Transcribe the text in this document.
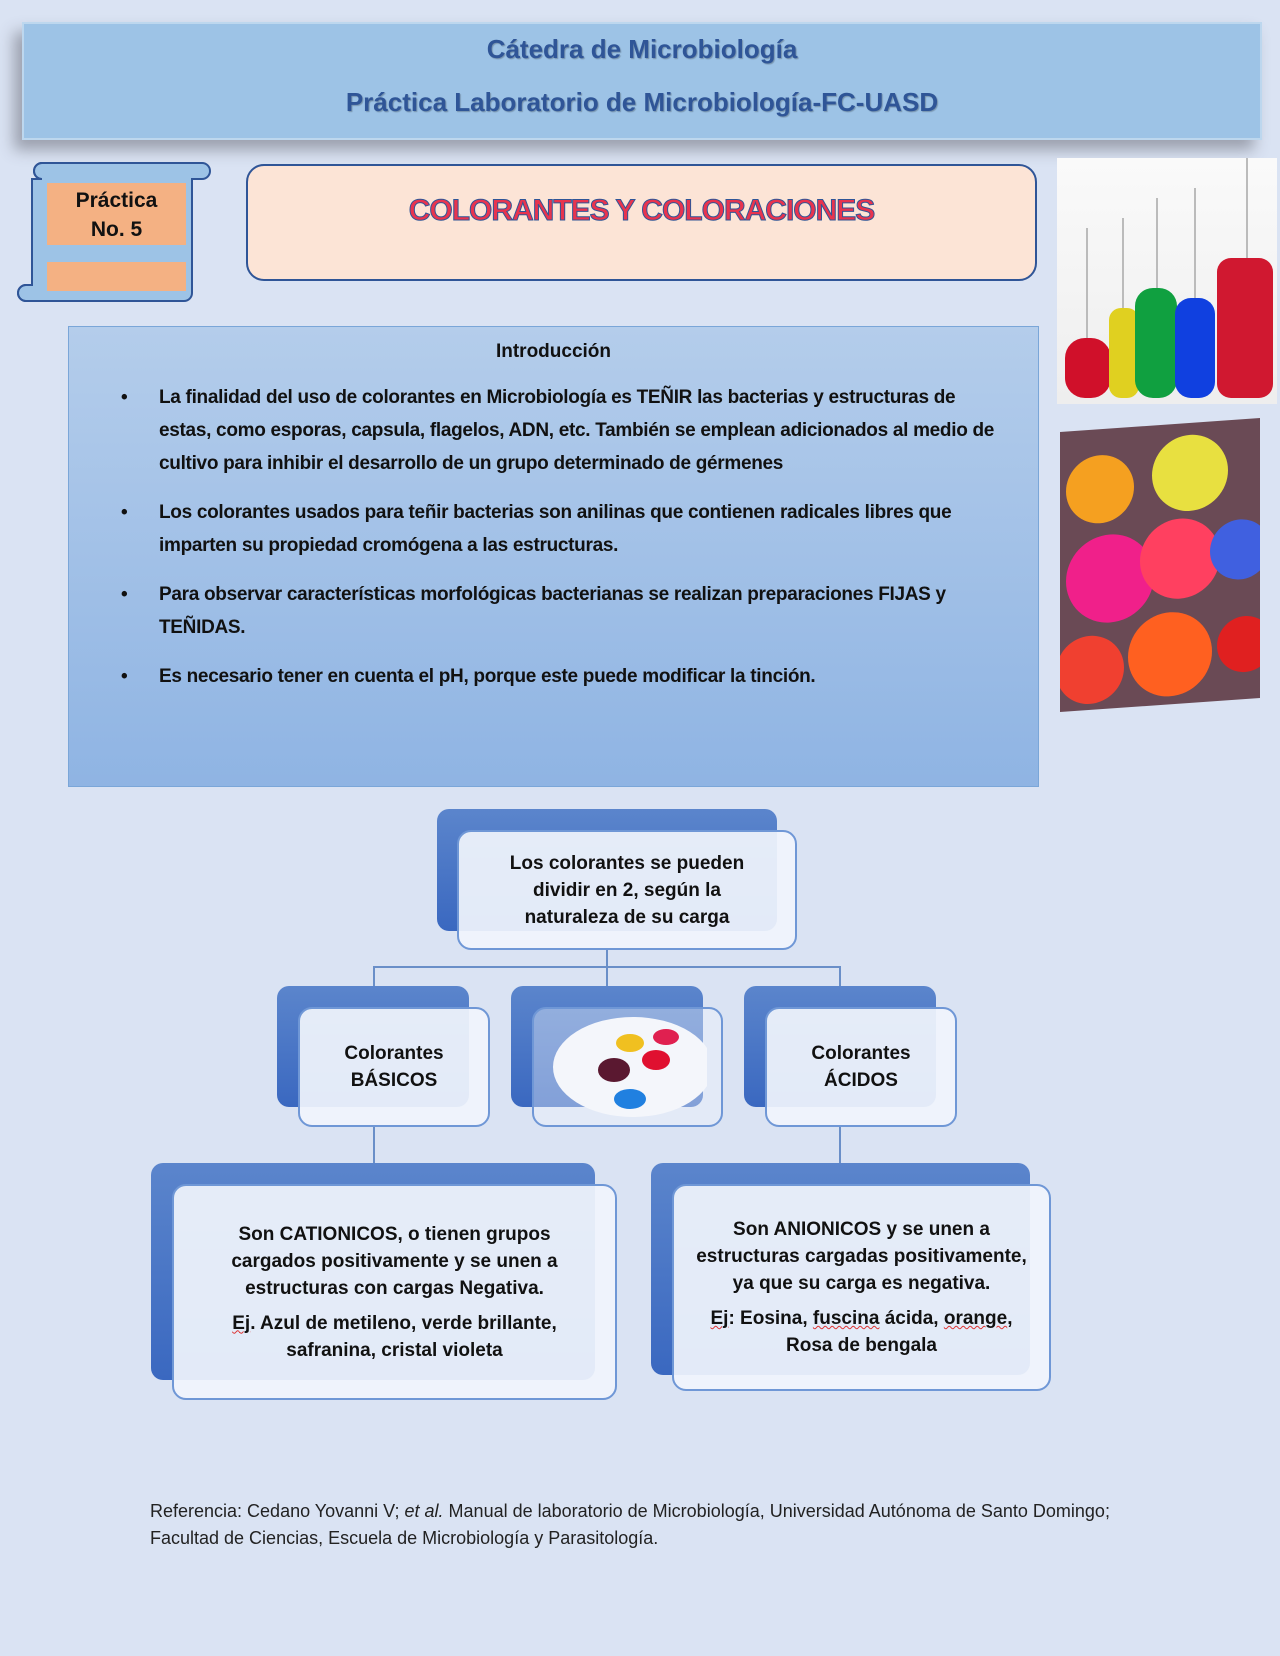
Cátedra de Microbiología
Práctica Laboratorio de Microbiología-FC-UASD
Práctica
No. 5
COLORANTES Y COLORACIONES
Introducción
• La finalidad del uso de colorantes en Microbiología es TEÑIR las bacterias y estructuras de estas, como esporas, capsula, flagelos, ADN, etc. También se emplean adicionados al medio de cultivo para inhibir el desarrollo de un grupo determinado de gérmenes
• Los colorantes usados para teñir bacterias son anilinas que contienen radicales libres que imparten su propiedad cromógena a las estructuras.
• Para observar características morfológicas bacterianas se realizan preparaciones FIJAS y TEÑIDAS.
• Es necesario tener en cuenta el pH, porque este puede modificar la tinción.
Los colorantes se pueden dividir en 2, según la naturaleza de su carga
Colorantes BÁSICOS
Colorantes ÁCIDOS
Son CATIONICOS, o tienen grupos cargados positivamente y se unen a estructuras con cargas Negativa.
Ej. Azul de metileno, verde brillante, safranina, cristal violeta
Son ANIONICOS y se unen a estructuras cargadas positivamente, ya que su carga es negativa.
Ej: Eosina, fuscina ácida, orange, Rosa de bengala
Referencia: Cedano Yovanni V; et al. Manual de laboratorio de Microbiología, Universidad Autónoma de Santo Domingo; Facultad de Ciencias, Escuela de Microbiología y Parasitología.
